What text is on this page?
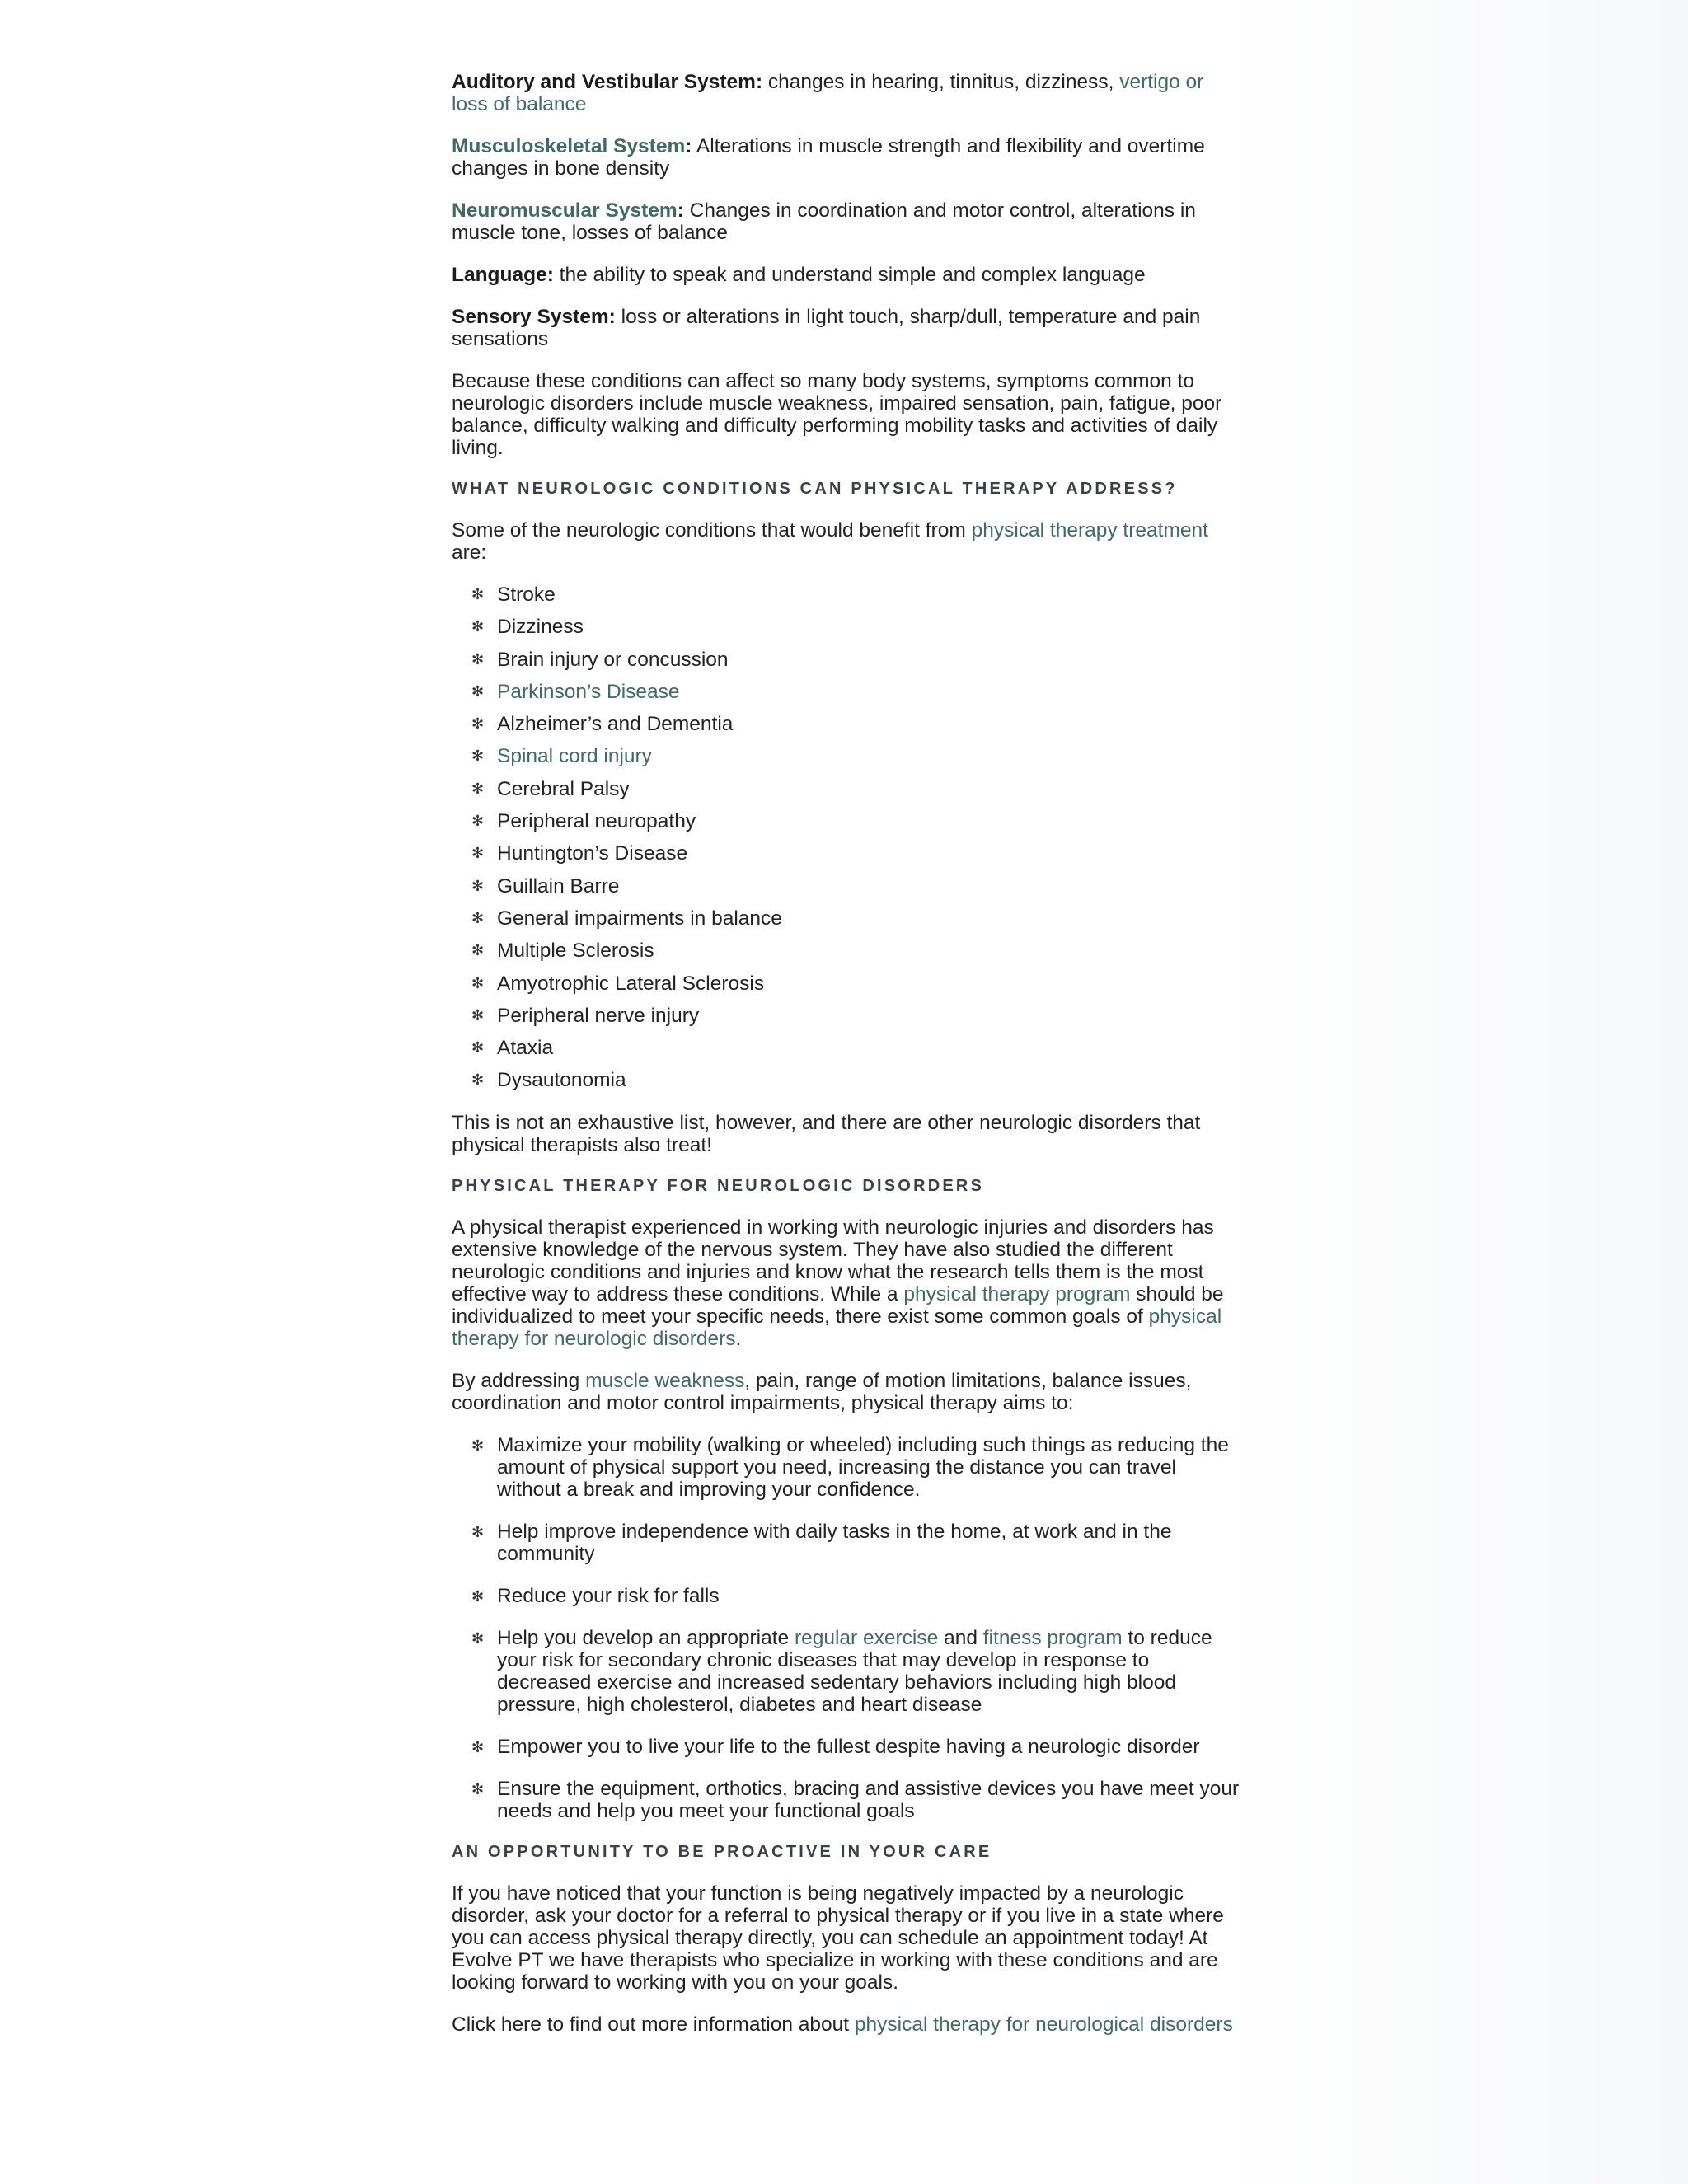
Auditory and Vestibular System: changes in hearing, tinnitus, dizziness, vertigo or loss of balance

Musculoskeletal System: Alterations in muscle strength and flexibility and overtime changes in bone density

Neuromuscular System: Changes in coordination and motor control, alterations in muscle tone, losses of balance

Language: the ability to speak and understand simple and complex language

Sensory System: loss or alterations in light touch, sharp/dull, temperature and pain sensations

Because these conditions can affect so many body systems, symptoms common to neurologic disorders include muscle weakness, impaired sensation, pain, fatigue, poor balance, difficulty walking and difficulty performing mobility tasks and activities of daily living.

WHAT NEUROLOGIC CONDITIONS CAN PHYSICAL THERAPY ADDRESS?

Some of the neurologic conditions that would benefit from physical therapy treatment are:

✻ Stroke
✻ Dizziness
✻ Brain injury or concussion
✻ Parkinson’s Disease
✻ Alzheimer’s and Dementia
✻ Spinal cord injury
✻ Cerebral Palsy
✻ Peripheral neuropathy
✻ Huntington’s Disease
✻ Guillain Barre
✻ General impairments in balance
✻ Multiple Sclerosis
✻ Amyotrophic Lateral Sclerosis
✻ Peripheral nerve injury
✻ Ataxia
✻ Dysautonomia

This is not an exhaustive list, however, and there are other neurologic disorders that physical therapists also treat!

PHYSICAL THERAPY FOR NEUROLOGIC DISORDERS

A physical therapist experienced in working with neurologic injuries and disorders has extensive knowledge of the nervous system. They have also studied the different neurologic conditions and injuries and know what the research tells them is the most effective way to address these conditions. While a physical therapy program should be individualized to meet your specific needs, there exist some common goals of physical therapy for neurologic disorders.

By addressing muscle weakness, pain, range of motion limitations, balance issues, coordination and motor control impairments, physical therapy aims to:

✻ Maximize your mobility (walking or wheeled) including such things as reducing the amount of physical support you need, increasing the distance you can travel without a break and improving your confidence.
✻ Help improve independence with daily tasks in the home, at work and in the community
✻ Reduce your risk for falls
✻ Help you develop an appropriate regular exercise and fitness program to reduce your risk for secondary chronic diseases that may develop in response to decreased exercise and increased sedentary behaviors including high blood pressure, high cholesterol, diabetes and heart disease
✻ Empower you to live your life to the fullest despite having a neurologic disorder
✻ Ensure the equipment, orthotics, bracing and assistive devices you have meet your needs and help you meet your functional goals
AN OPPORTUNITY TO BE PROACTIVE IN YOUR CARE

If you have noticed that your function is being negatively impacted by a neurologic disorder, ask your doctor for a referral to physical therapy or if you live in a state where you can access physical therapy directly, you can schedule an appointment today! At Evolve PT we have therapists who specialize in working with these conditions and are looking forward to working with you on your goals.

Click here to find out more information about physical therapy for neurological disorders
